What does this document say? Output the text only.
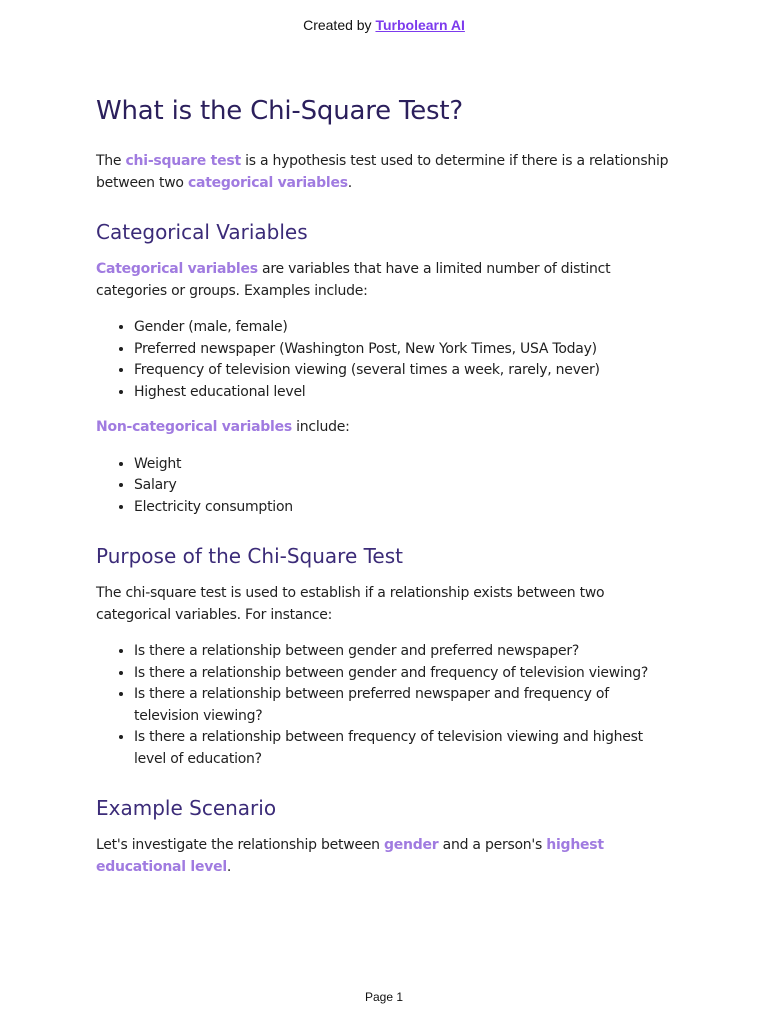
Created by Turbolearn AI
What is the Chi-Square Test?

The chi-square test is a hypothesis test used to determine if there is a relationship between two categorical variables.

Categorical Variables

Categorical variables are variables that have a limited number of distinct categories or groups. Examples include:

• Gender (male, female)
• Preferred newspaper (Washington Post, New York Times, USA Today)
• Frequency of television viewing (several times a week, rarely, never)
• Highest educational level

Non-categorical variables include:

• Weight
• Salary
• Electricity consumption
Purpose of the Chi-Square Test

The chi-square test is used to establish if a relationship exists between two categorical variables. For instance:

• Is there a relationship between gender and preferred newspaper?
• Is there a relationship between gender and frequency of television viewing?
• Is there a relationship between preferred newspaper and frequency of television viewing?
• Is there a relationship between frequency of television viewing and highest level of education?
Example Scenario

Let's investigate the relationship between gender and a person's highest educational level.

Page 1
